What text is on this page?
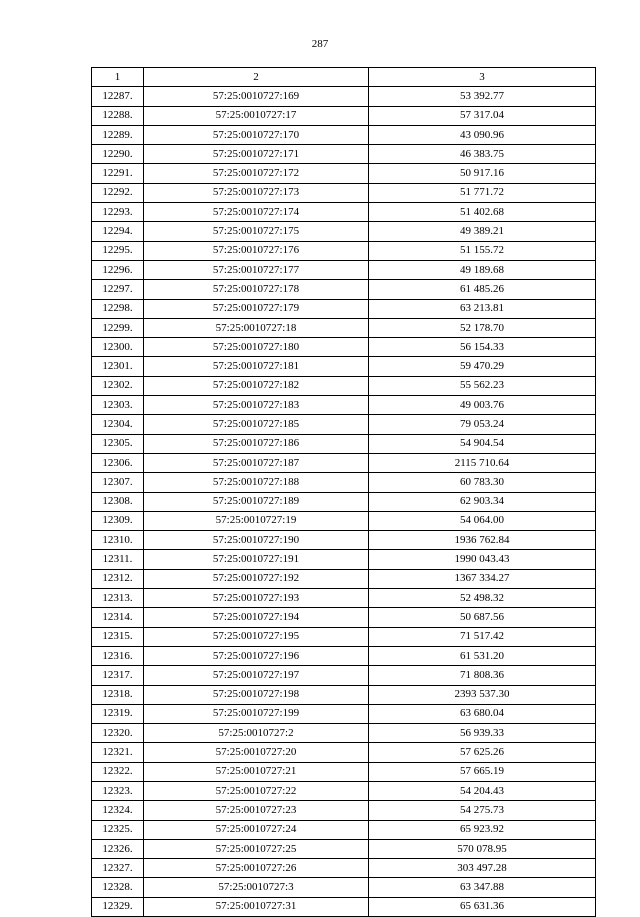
287
1	2	3
12287.	57:25:0010727:169	53 392.77
12288.	57:25:0010727:17	57 317.04
12289.	57:25:0010727:170	43 090.96
12290.	57:25:0010727:171	46 383.75
12291.	57:25:0010727:172	50 917.16
12292.	57:25:0010727:173	51 771.72
12293.	57:25:0010727:174	51 402.68
12294.	57:25:0010727:175	49 389.21
12295.	57:25:0010727:176	51 155.72
12296.	57:25:0010727:177	49 189.68
12297.	57:25:0010727:178	61 485.26
12298.	57:25:0010727:179	63 213.81
12299.	57:25:0010727:18	52 178.70
12300.	57:25:0010727:180	56 154.33
12301.	57:25:0010727:181	59 470.29
12302.	57:25:0010727:182	55 562.23
12303.	57:25:0010727:183	49 003.76
12304.	57:25:0010727:185	79 053.24
12305.	57:25:0010727:186	54 904.54
12306.	57:25:0010727:187	2115 710.64
12307.	57:25:0010727:188	60 783.30
12308.	57:25:0010727:189	62 903.34
12309.	57:25:0010727:19	54 064.00
12310.	57:25:0010727:190	1936 762.84
12311.	57:25:0010727:191	1990 043.43
12312.	57:25:0010727:192	1367 334.27
12313.	57:25:0010727:193	52 498.32
12314.	57:25:0010727:194	50 687.56
12315.	57:25:0010727:195	71 517.42
12316.	57:25:0010727:196	61 531.20
12317.	57:25:0010727:197	71 808.36
12318.	57:25:0010727:198	2393 537.30
12319.	57:25:0010727:199	63 680.04
12320.	57:25:0010727:2	56 939.33
12321.	57:25:0010727:20	57 625.26
12322.	57:25:0010727:21	57 665.19
12323.	57:25:0010727:22	54 204.43
12324.	57:25:0010727:23	54 275.73
12325.	57:25:0010727:24	65 923.92
12326.	57:25:0010727:25	570 078.95
12327.	57:25:0010727:26	303 497.28
12328.	57:25:0010727:3	63 347.88
12329.	57:25:0010727:31	65 631.36
